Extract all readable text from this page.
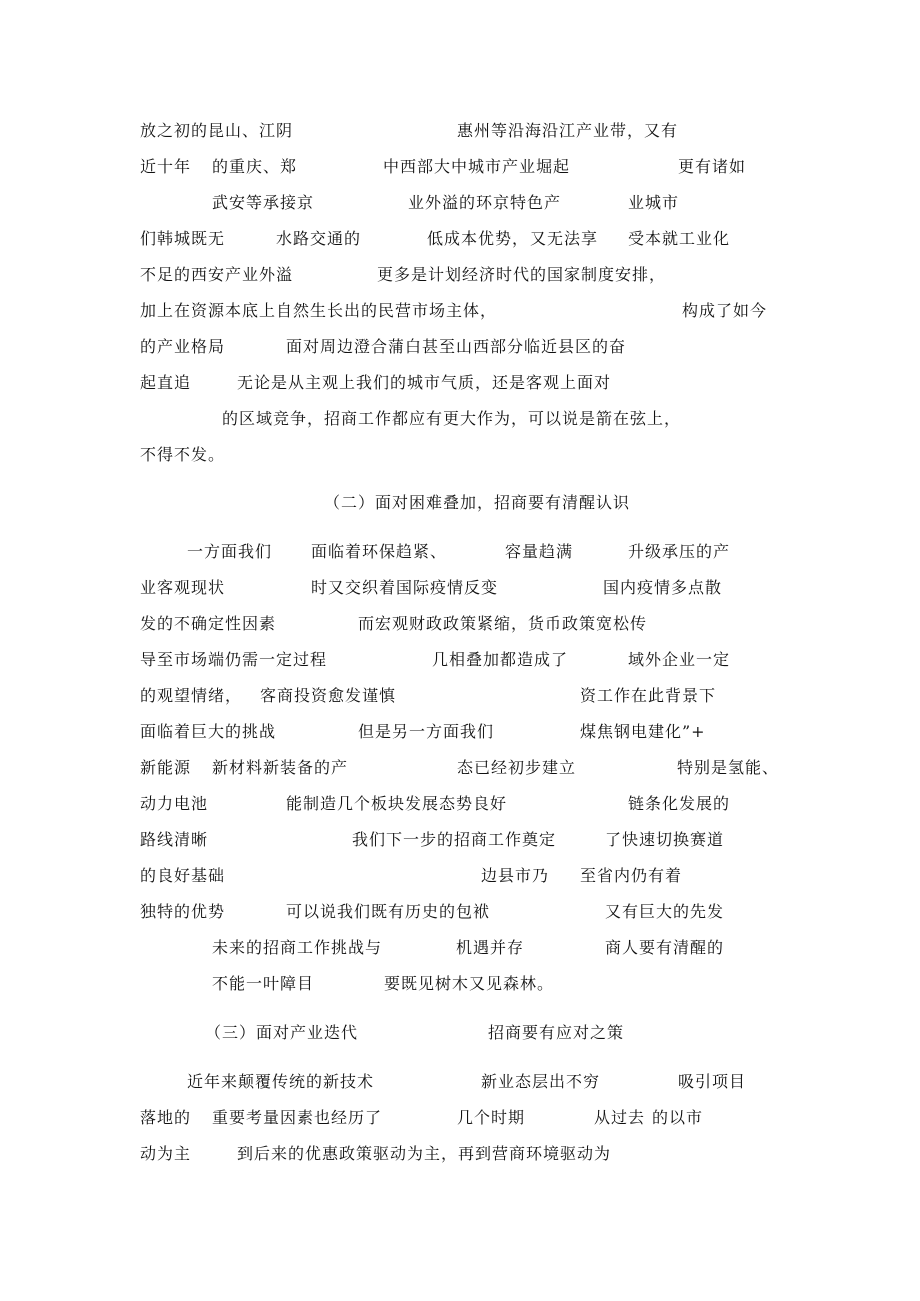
放之初的昆山、江阴	惠州等沿海沿江产业带，又有
近十年 的重庆、郑	中西部大中城市产业堀起	更有诸如
武安等承接京	业外溢的环京特色产	业城市
们韩城既无	水路交通的	低成本优势， 又无法享 受本就工业化
不足的西安产业外溢	更多是计划经济时代的国家制度安排，
加上在资源本底上自然生长出的民营市场主体，	构成了如今
的产业格局	面对周边澄合蒲白甚至山西部分临近县区的奋
起直追	无论是从主观上我们的城市气质，还是客观上面对
的区域竞争，招商工作都应有更大作为，可以说是箭在弦上，
不得不发。
（二）面对困难叠加，招商要有清醒认识
一方面我们 面临着环保趋紧、	容量趋满	升级承压的产
业客观现状	时又交织着国际疫情反变	国内疫情多点散
发的不确定性因素	而宏观财政政策紧缩，货币政策宽松传
导至市场端仍需一定过程	几相叠加都造成了	域外企业一定
的观望情绪， 客商投资愈发谨慎	资工作在此背景下
面临着巨大的挑战	但是另一方面我们	煤焦钢电建化”+
新能源 新材料新装备的产	态已经初步建立	特别是氢能、
动力电池	能制造几个板块发展态势良好	链条化发展的
路线清晰	我们下一步的招商工作奠定	了快速切换赛道
的良好基础	边县市乃 至省内仍有着
独特的优势	可以说我们既有历史的包袱	又有巨大的先发
未来的招商工作挑战与	机遇并存	商人要有清醒的
不能一叶障目	要既见树木又见森林。
（三）面对产业迭代	招商要有应对之策
近年来颠覆传统的新技术	新业态层出不穷	吸引项目
落地的 重要考量因素也经历了	几个时期	从过去 的以市
动为主	到后来的优惠政策驱动为主，再到营商环境驱动为
